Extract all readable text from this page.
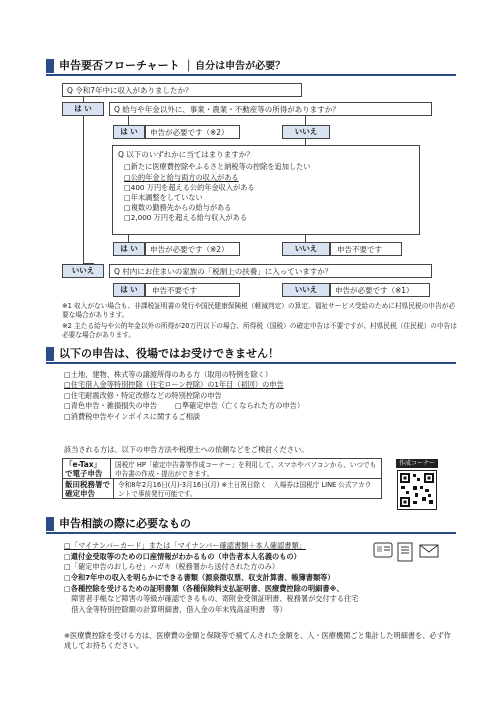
申告要否フローチャート │ 自分は申告が必要？
Q 令和7年中に収入がありましたか？
は い	Q 給与や年金以外に、事業・農業・不動産等の所得がありますか？
は い	申告が必要です（※2）	いいえ
Q 以下のいずれかに当てはまりますか？
□新たに医療費控除やふるさと納税等の控除を追加したい
□公的年金と給与両方の収入がある
□400 万円を超える公的年金収入がある
□年末調整をしていない
□複数の勤務先からの給与がある
□2,000 万円を超える給与収入がある
は い	申告が必要です（※2）	いいえ	申告不要です
いいえ	Q 村内にお住まいの家族の「税制上の扶養」に入っていますか？
は い	申告不要です	いいえ	申告が必要です（※1）
※1 収入がない場合も、非課税証明書の発行や国民健康保険税（軽減判定）の算定、福祉サービス受給のために村県民税の申告が必要な場合があります。
※2 主たる給与や公的年金以外の所得が20万円以下の場合、所得税（国税）の確定申告は不要ですが、村県民税（住民税）の申告は必要な場合があります。
以下の申告は、役場ではお受けできません！
□土地、建物、株式等の譲渡所得のある方（取用の特例を除く）
□住宅借入金等特別控除（住宅ローン控除）の1年目（初回）の申告
□住宅耐震改修・特定改修などの特別控除の申告
□青色申告・雑損損失の申告	□準確定申告（亡くなられた方の申告）
□消費税申告やインボイスに関するご相談
該当される方は、以下の申告方法や税理士への依頼などをご検討ください。
「e-Tax」で電子申告
国税庁 HP「確定申告書等作成コーナー」を利用して、スマホやパソコンから、いつでも申告書の作成・提出ができます。
飯田税務署で確定申告
令和8年2月16日(月)-3月16日(月) ※土日祝日除く　入場券は国税庁 LINE 公式アカウントで事前発行可能です。
作成コーナー
申告相談の際に必要なもの
□「マイナンバーカード」または「マイナンバー確認書類＋本人確認書類」
□還付金受取等のための口座情報がわかるもの（申告者本人名義のもの）
□「確定申告のおしらせ」ハガキ（税務署から送付された方のみ）
□令和7年中の収入を明らかにできる書類（源泉徴収票、収支計算書、帳簿書類等）
□各種控除を受けるための証明書類（各種保険料支払証明書、医療費控除の明細書※、
　障害者手帳など障害の等級が確認できるもの、寄附金受領証明書、税務署が交付する住宅
　借入金等特別控除額の計算明細書、借入金の年末残高証明書　等）
※医療費控除を受ける方は、医療費の金額と保険等で補てんされた金額を、人・医療機関ごと集計した明細書を、必ず作成してお持ちください。
